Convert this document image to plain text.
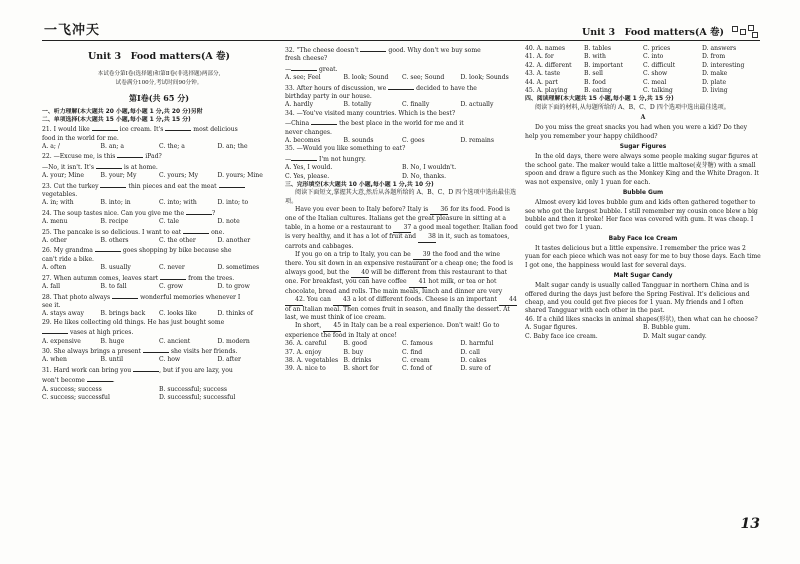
一飞冲天	Unit 3　Food matters(A 卷)
Unit 3　Food matters(A 卷)
本试卷分第Ⅰ卷(选择题)和第Ⅱ卷(非选择题)两部分,
试卷满分100分,考试时间90分钟。
第Ⅰ卷(共 65 分)

一、听力理解(本大题共 20 小题,每小题 1 分,共 20 分)另附

二、单项选择(本大题共 15 小题,每小题 1 分,共 15 分)

21. I would like	ice cream. It's	most delicious

food in the world for me.

A. a; /	B. an; a	C. the; a	D. an; the

22. —Excuse me, is this	iPad?

—No, it isn't. It's	is at home.

A. your; Mine	B. your; My	C. yours; My	D. yours; Mine

23. Cut the turkey	thin pieces and eat the meat

vegetables.

A. in; with	B. into; in	C. into; with	D. into; to

24. The soup tastes nice. Can you give me the	?

A. menu	B. recipe	C. tale	D. note

25. The pancake is so delicious. I want to eat	one.

A. other	B. others	C. the other	D. another

26. My grandma	goes shopping by bike because she

can't ride a bike.

A. often	B. usually	C. never	D. sometimes

27. When autumn comes, leaves start	from the trees.

A. fall	B. to fall	C. grow	D. to grow

28. That photo always	wonderful memories whenever I

see it.

A. stays away	B. brings back	C. looks like	D. thinks of

29. He likes collecting old things. He has just bought some

vases at high prices.

A. expensive	B. huge	C. ancient	D. modern

30. She always brings a present	she visits her friends.

A. when	B. until	C. how	D. after

31. Hard work can bring you	, but if you are lazy, you

won't become	.

A. success; success	B. successful; success
C. success; successful	D. successful; successful

32. "The cheese doesn't	good. Why don't we buy some

fresh cheese?

—	great.

A. see; Feel	B. look; Sound	C. see; Sound	D. look; Sounds

33. After hours of discussion, we	decided to have the

birthday party in our house.

A. hardly	B. totally	C. finally	D. actually

34. —You've visited many countries. Which is the best?

—China	the best place in the world for me and it

never changes.

A. becomes	B. sounds	C. goes	D. remains

35. —Would you like something to eat?

—	I'm not hungry.

A. Yes, I would.	B. No, I wouldn't.
C. Yes, please.	D. No, thanks.

三、完形填空(本大题共 10 小题,每小题 1 分,共 10 分)

阅读下面短文,掌握其大意,然后从各题所给的 A、B、C、D 四个选项中选出最佳选项。

Have you ever been to Italy before? Italy is 36 for its food. Food is one of the Italian cultures. Italians get the great pleasure in sitting at a table, in a home or a restaurant to 37 a good meal together. Italian food is very healthy, and it has a lot of fruit and 38 in it, such as tomatoes, carrots and cabbages.

If you go on a trip to Italy, you can be 39 the food and the wine there. You sit down in an expensive restaurant or a cheap one; the food is always good, but the 40 will be different from this restaurant to that one. For breakfast, you can have coffee 41 hot milk, or tea or hot chocolate, bread and rolls. The main meals, lunch and dinner are very 42. You can 43 a lot of different foods. Cheese is an important 44 of an Italian meal. Then comes fruit in season, and finally the dessert. At last, we must think of ice cream.

In short, 45 in Italy can be a real experience. Don't wait! Go to experience the food in Italy at once!

36. A. careful	B. good	C. famous	D. harmful
37. A. enjoy	B. buy	C. find	D. call
38. A. vegetables B. drinks	C. cream	D. cakes
39. A. nice to	B. short for	C. fond of	D. sure of
40. A. names	B. tables	C. prices	D. answers
41. A. for	B. with	C. into	D. from
42. A. different	B. important	C. difficult	D. interesting
43. A. taste	B. sell	C. show	D. make
44. A. part	B. food	C. meal	D. plate
45. A. playing	B. eating	C. talking	D. living

四、阅读理解(本大题共 15 小题,每小题 1 分,共 15 分)

阅读下面的材料,从每题所给的 A、B、C、D 四个选项中选出最佳选项。

A

Do you miss the great snacks you had when you were a kid? Do they help you remember your happy childhood?

Sugar Figures

In the old days, there were always some people making sugar figures at the school gate. The maker would take a little maltose(麦芽糖) with a small spoon and draw a figure such as the Monkey King and the White Dragon. It was not expensive, only 1 yuan for each.

Bubble Gum

Almost every kid loves bubble gum and kids often gathered together to see who got the largest bubble. I still remember my cousin once blew a big bubble and then it broke! Her face was covered with gum. It was cheap. I could get two for 1 yuan.

Baby Face Ice Cream

It tastes delicious but a little expensive. I remember the price was 2 yuan for each piece which was not easy for me to buy those days. Each time I got one, the happiness would last for several days.

Malt Sugar Candy

Malt sugar candy is usually called Tangguar in northern China and is offered during the days just before the Spring Festival. It's delicious and cheap, and you could get five pieces for 1 yuan. My friends and I often shared Tangguar with each other in the past.

46. If a child likes snacks in animal shapes(形状), then what can he choose?

A. Sugar figures.	B. Bubble gum.
C. Baby face ice cream.	D. Malt sugar candy.
13
